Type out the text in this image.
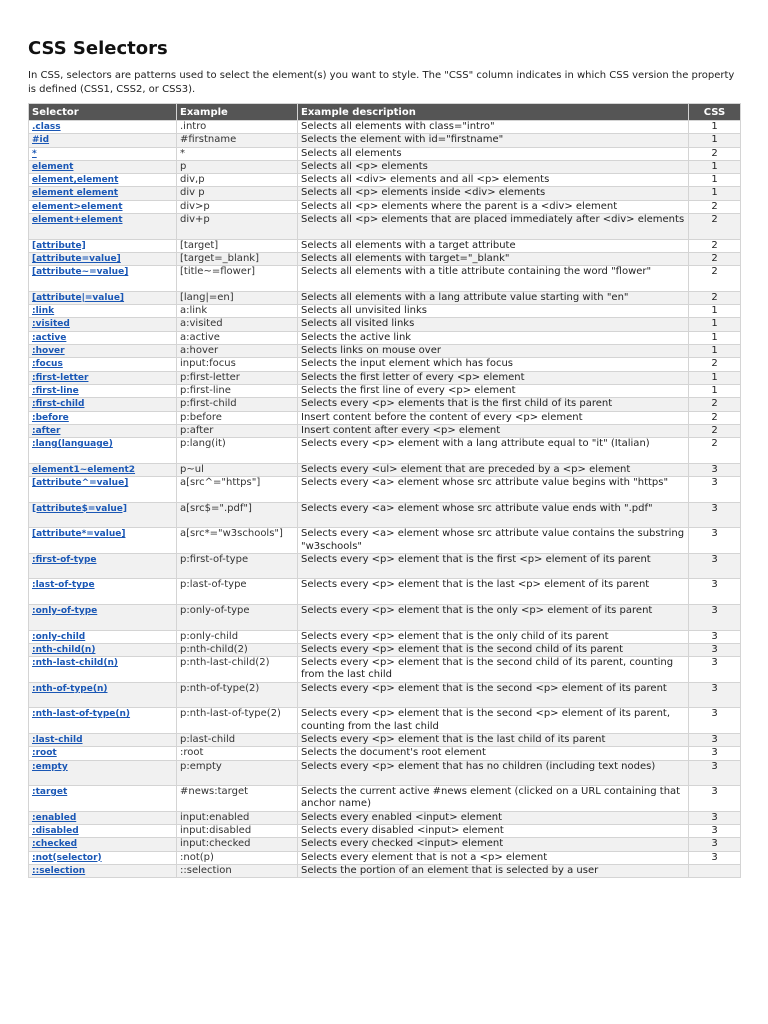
CSS Selectors

In CSS, selectors are patterns used to select the element(s) you want to style. The "CSS" column indicates in which CSS version the property is defined (CSS1, CSS2, or CSS3).

Selector	Example	Example description	CSS
.class	.intro	Selects all elements with class="intro"	1
#id	#firstname	Selects the element with id="firstname"	1
*	*	Selects all elements	2
element	p	Selects all <p> elements	1
element,element	div,p	Selects all <div> elements and all <p> elements	1
element element	div p	Selects all <p> elements inside <div> elements	1
element>element	div>p	Selects all <p> elements where the parent is a <div> element	2
element+element	div+p	Selects all <p> elements that are placed immediately after <div> elements	2
[attribute]	[target]	Selects all elements with a target attribute	2
[attribute=value]	[target=_blank]	Selects all elements with target="_blank"	2
[attribute~=value]	[title~=flower]	Selects all elements with a title attribute containing the word "flower"	2
[attribute|=value]	[lang|=en]	Selects all elements with a lang attribute value starting with "en"	2
:link	a:link	Selects all unvisited links	1
:visited	a:visited	Selects all visited links	1
:active	a:active	Selects the active link	1
:hover	a:hover	Selects links on mouse over	1
:focus	input:focus	Selects the input element which has focus	2
:first-letter	p:first-letter	Selects the first letter of every <p> element	1
:first-line	p:first-line	Selects the first line of every <p> element	1
:first-child	p:first-child	Selects every <p> elements that is the first child of its parent	2
:before	p:before	Insert content before the content of every <p> element	2
:after	p:after	Insert content after every <p> element	2
:lang(language)	p:lang(it)	Selects every <p> element with a lang attribute equal to "it" (Italian)	2
element1~element2	p~ul	Selects every <ul> element that are preceded by a <p> element	3
[attribute^=value]	a[src^="https"]	Selects every <a> element whose src attribute value begins with "https"	3
[attribute$=value]	a[src$=".pdf"]	Selects every <a> element whose src attribute value ends with ".pdf"	3
[attribute*=value]	a[src*="w3schools"]	Selects every <a> element whose src attribute value contains the substring "w3schools"	3
:first-of-type	p:first-of-type	Selects every <p> element that is the first <p> element of its parent	3
:last-of-type	p:last-of-type	Selects every <p> element that is the last <p> element of its parent	3
:only-of-type	p:only-of-type	Selects every <p> element that is the only <p> element of its parent	3
:only-child	p:only-child	Selects every <p> element that is the only child of its parent	3
:nth-child(n)	p:nth-child(2)	Selects every <p> element that is the second child of its parent	3
:nth-last-child(n)	p:nth-last-child(2)	Selects every <p> element that is the second child of its parent, counting from the last child	3
:nth-of-type(n)	p:nth-of-type(2)	Selects every <p> element that is the second <p> element of its parent	3
:nth-last-of-type(n)	p:nth-last-of-type(2)	Selects every <p> element that is the second <p> element of its parent, counting from the last child	3
:last-child	p:last-child	Selects every <p> element that is the last child of its parent	3
:root	:root	Selects the document's root element	3
:empty	p:empty	Selects every <p> element that has no children (including text nodes)	3
:target	#news:target	Selects the current active #news element (clicked on a URL containing that anchor name)	3
:enabled	input:enabled	Selects every enabled <input> element	3
:disabled	input:disabled	Selects every disabled <input> element	3
:checked	input:checked	Selects every checked <input> element	3
:not(selector)	:not(p)	Selects every element that is not a <p> element	3
::selection	::selection	Selects the portion of an element that is selected by a user	
